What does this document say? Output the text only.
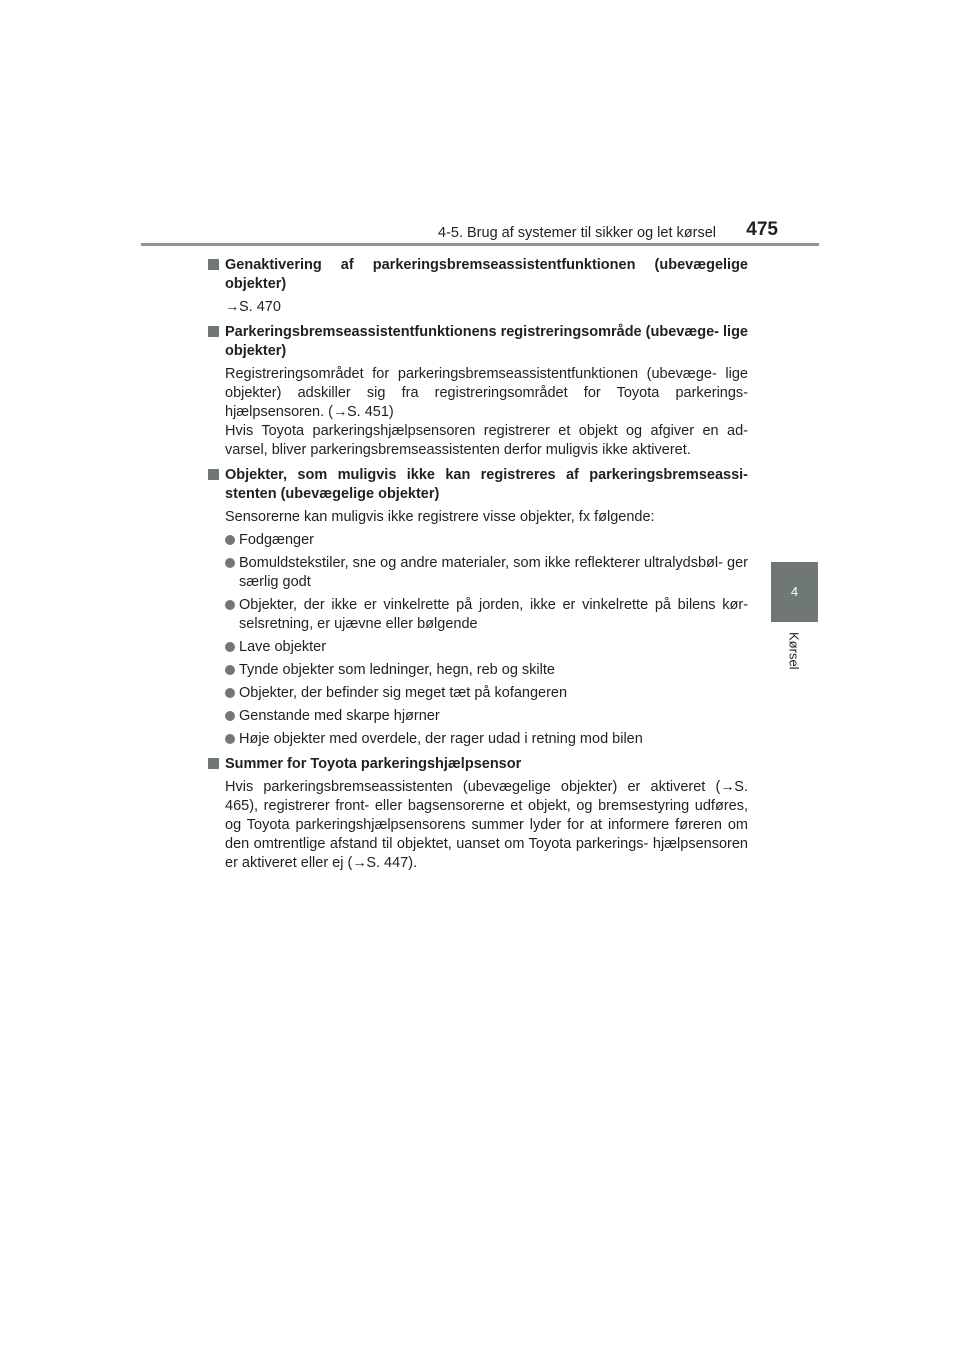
4-5. Brug af systemer til sikker og let kørsel 475
4
Kørsel
Genaktivering af parkeringsbremseassistentfunktionen (ubevægelige objekter)
→S. 470
Parkeringsbremseassistentfunktionens registreringsområde (ubevæge- lige objekter)
Registreringsområdet for parkeringsbremseassistentfunktionen (ubevæge- lige objekter) adskiller sig fra registreringsområdet for Toyota parkerings- hjælpsensoren. (→S. 451)
Hvis Toyota parkeringshjælpsensoren registrerer et objekt og afgiver en ad- varsel, bliver parkeringsbremseassistenten derfor muligvis ikke aktiveret.
Objekter, som muligvis ikke kan registreres af parkeringsbremseassi- stenten (ubevægelige objekter)
Sensorerne kan muligvis ikke registrere visse objekter, fx følgende:
Fodgænger
Bomuldstekstiler, sne og andre materialer, som ikke reflekterer ultralydsbøl- ger særlig godt
Objekter, der ikke er vinkelrette på jorden, ikke er vinkelrette på bilens kør- selsretning, er ujævne eller bølgende
Lave objekter
Tynde objekter som ledninger, hegn, reb og skilte
Objekter, der befinder sig meget tæt på kofangeren
Genstande med skarpe hjørner
Høje objekter med overdele, der rager udad i retning mod bilen
Summer for Toyota parkeringshjælpsensor
Hvis parkeringsbremseassistenten (ubevægelige objekter) er aktiveret (→S. 465), registrerer front- eller bagsensorerne et objekt, og bremsestyring udføres, og Toyota parkeringshjælpsensorens summer lyder for at informere føreren om den omtrentlige afstand til objektet, uanset om Toyota parkerings- hjælpsensoren er aktiveret eller ej (→S. 447).
